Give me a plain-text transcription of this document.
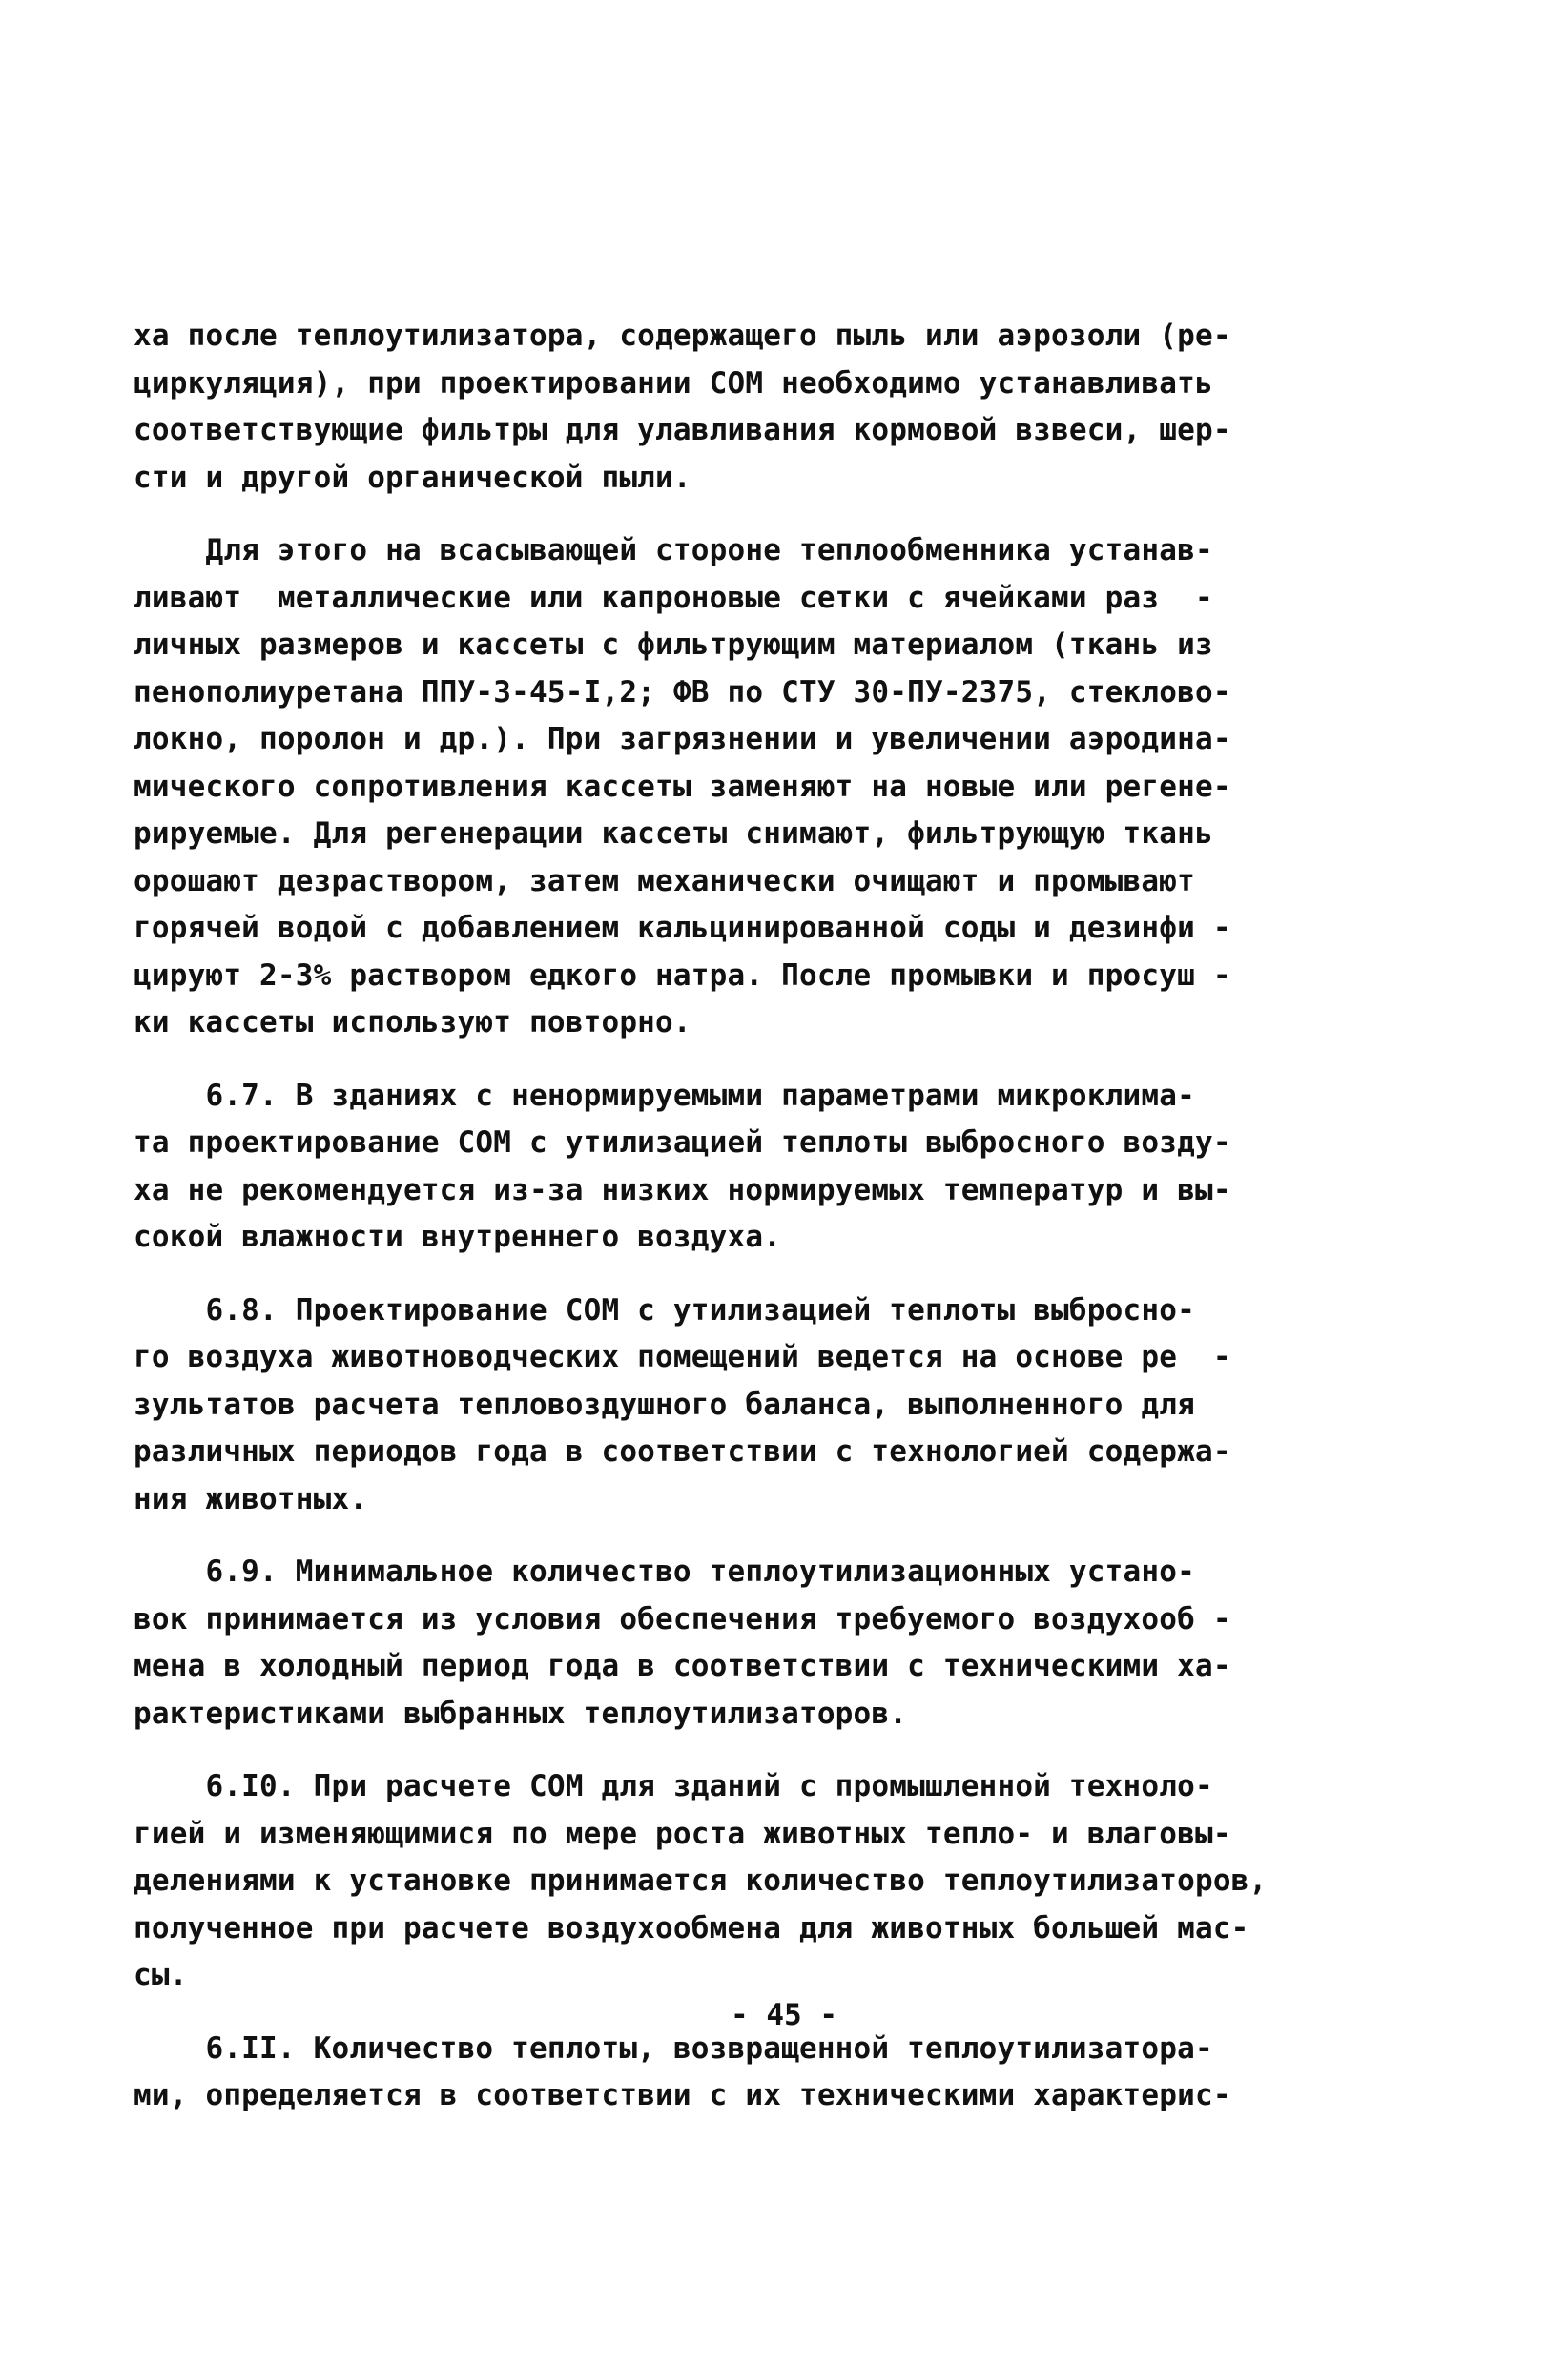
ха после теплоутилизатора, содержащего пыль или аэрозоли (ре-
циркуляция), при проектировании СОМ необходимо устанавливать
соответствующие фильтры для улавливания кормовой взвеси, шер-
сти и другой органической пыли.

Для этого на всасывающей стороне теплообменника устанав-
ливают  металлические или капроновые сетки с ячейками раз  -
личных размеров и кассеты с фильтрующим материалом (ткань из
пенополиуретана ППУ-3-45-I,2; ФВ по СТУ 30-ПУ-2375, стеклово-
локно, поролон и др.). При загрязнении и увеличении аэродина-
мического сопротивления кассеты заменяют на новые или регене-
рируемые. Для регенерации кассеты снимают, фильтрующую ткань
орошают дезраствором, затем механически очищают и промывают
горячей водой с добавлением кальцинированной соды и дезинфи -
цируют 2-3% раствором едкого натра. После промывки и просуш -
ки кассеты используют повторно.

6.7. В зданиях с ненормируемыми параметрами микроклима-
та проектирование СОМ с утилизацией теплоты выбросного возду-
ха не рекомендуется из-за низких нормируемых температур и вы-
сокой влажности внутреннего воздуха.

6.8. Проектирование СОМ с утилизацией теплоты выбросно-
го воздуха животноводческих помещений ведется на основе ре  -
зультатов расчета тепловоздушного баланса, выполненного для
различных периодов года в соответствии с технологией содержа-
ния животных.

6.9. Минимальное количество теплоутилизационных устано-
вок принимается из условия обеспечения требуемого воздухооб -
мена в холодный период года в соответствии с техническими ха-
рактеристиками выбранных теплоутилизаторов.

6.I0. При расчете СОМ для зданий с промышленной техноло-
гией и изменяющимися по мере роста животных тепло- и влаговы-
делениями к установке принимается количество теплоутилизаторов,
полученное при расчете воздухообмена для животных большей мас-
сы.

6.II. Количество теплоты, возвращенной теплоутилизатора-
ми, определяется в соответствии с их техническими характерис-

- 45 -
